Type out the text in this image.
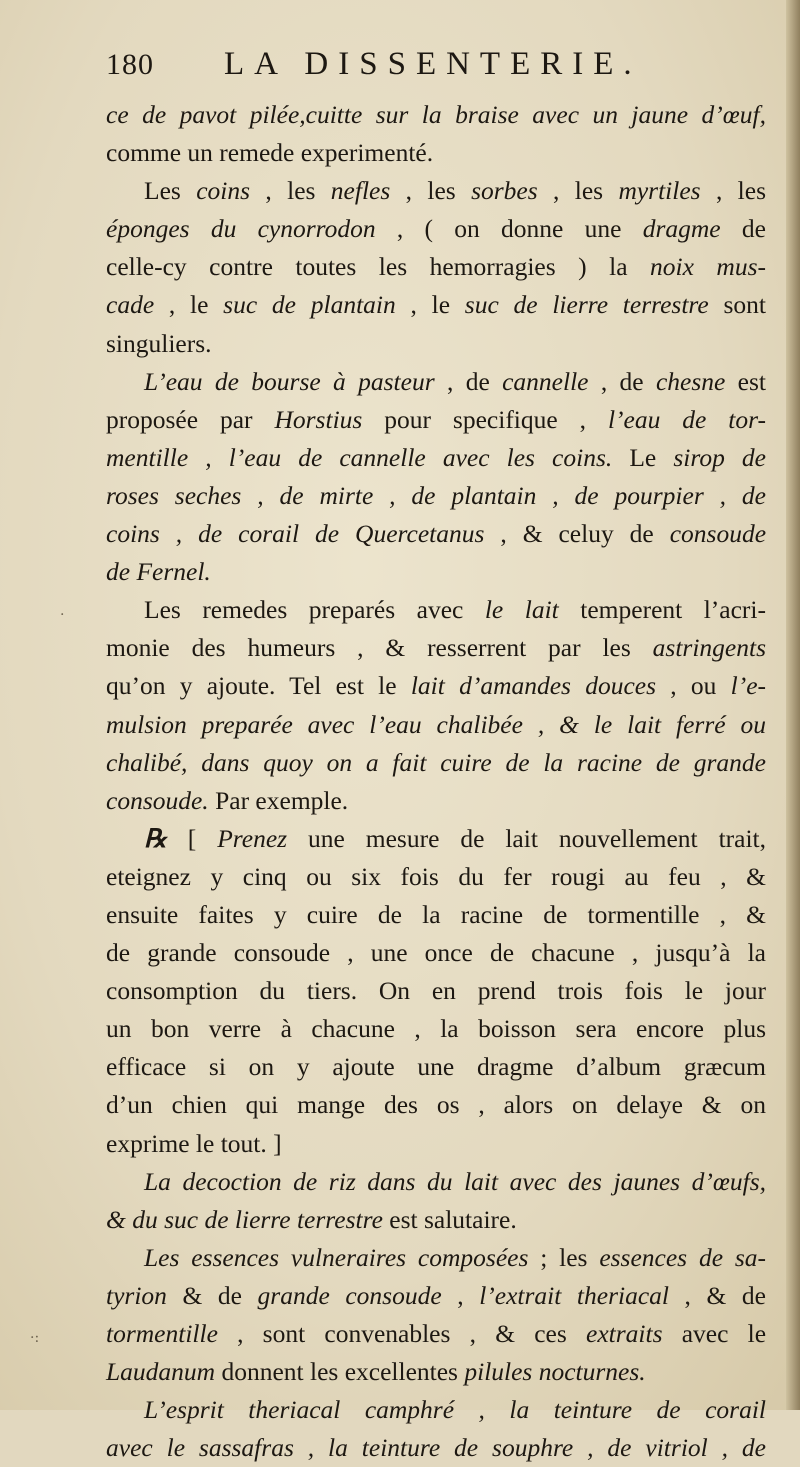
180	LA DISSENTERIE.
ce de pavot pilée,cuitte sur la braise avec un jaune d’œuf,
comme un remede experimenté.
Les coins , les nefles , les sorbes , les myrtiles , les
éponges du cynorrodon , ( on donne une dragme de
celle-cy contre toutes les hemorragies ) la noix mus-
cade , le suc de plantain , le suc de lierre terrestre sont
singuliers.
L’eau de bourse à pasteur , de cannelle , de chesne est
proposée par Horstius pour specifique , l’eau de tor-
mentille , l’eau de cannelle avec les coins. Le sirop de
roses seches , de mirte , de plantain , de pourpier , de
coins , de corail de Quercetanus , & celuy de consoude
de Fernel.
Les remedes preparés avec le lait temperent l’acri-
monie des humeurs , & resserrent par les astringents
qu’on y ajoute. Tel est le lait d’amandes douces , ou l’e-
mulsion preparée avec l’eau chalibée , & le lait ferré ou
chalibé, dans quoy on a fait cuire de la racine de grande
consoude. Par exemple.
℞ [ Prenez une mesure de lait nouvellement trait,
eteignez y cinq ou six fois du fer rougi au feu , &
ensuite faites y cuire de la racine de tormentille , &
de grande consoude , une once de chacune , jusqu’à la
consomption du tiers. On en prend trois fois le jour
un bon verre à chacune , la boisson sera encore plus
efficace si on y ajoute une dragme d’album græcum
d’un chien qui mange des os , alors on delaye & on
exprime le tout. ]
La decoction de riz dans du lait avec des jaunes d’œufs,
& du suc de lierre terrestre est salutaire.
Les essences vulneraires composées ; les essences de sa-
tyrion & de grande consoude , l’extrait theriacal , & de
tormentille , sont convenables , & ces extraits avec le
Laudanum donnent les excellentes pilules nocturnes.
L’esprit theriacal camphré , la teinture de corail
avec le sassafras , la teinture de souphre , de vitriol , de
.
·:
